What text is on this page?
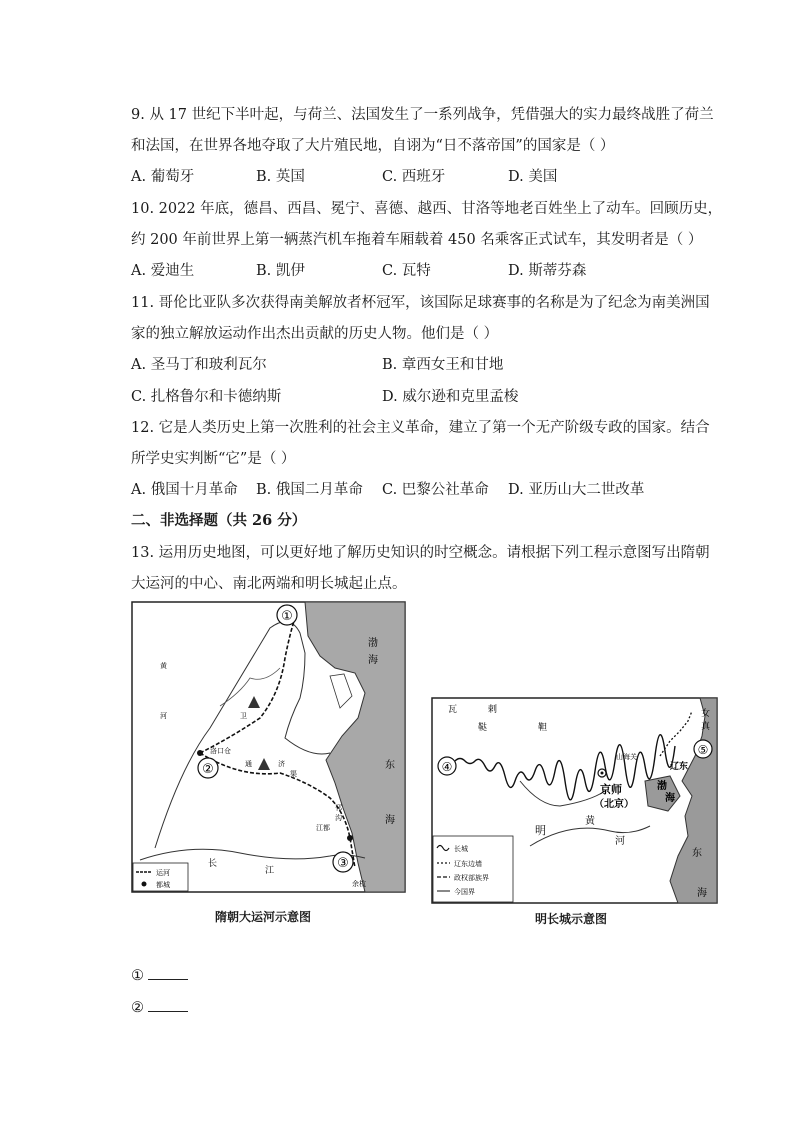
9. 从 17 世纪下半叶起，与荷兰、法国发生了一系列战争，凭借强大的实力最终战胜了荷兰
和法国，在世界各地夺取了大片殖民地，自诩为“日不落帝国”的国家是（ ）
A. 葡萄牙	B. 英国	C. 西班牙	D. 美国
10. 2022 年底，德昌、西昌、冕宁、喜德、越西、甘洛等地老百姓坐上了动车。回顾历史，
约 200 年前世界上第一辆蒸汽机车拖着车厢载着 450 名乘客正式试车，其发明者是（ ）
A. 爱迪生	B. 凯伊	C. 瓦特	D. 斯蒂芬森
11. 哥伦比亚队多次获得南美解放者杯冠军，该国际足球赛事的名称是为了纪念为南美洲国
家的独立解放运动作出杰出贡献的历史人物。他们是（ ）
A. 圣马丁和玻利瓦尔	B. 章西女王和甘地
C. 扎格鲁尔和卡德纳斯	D. 威尔逊和克里孟梭
12. 它是人类历史上第一次胜利的社会主义革命，建立了第一个无产阶级专政的国家。结合
所学史实判断“它”是（ ）
A. 俄国十月革命 B. 俄国二月革命 C. 巴黎公社革命 D. 亚历山大二世改革
二、非选择题（共 26 分）
13. 运用历史地图，可以更好地了解历史知识的时空概念。请根据下列工程示意图写出隋朝
大运河的中心、南北两端和明长城起止点。
①
②
③
渤
海
东
海
洛口仓
江都
长
江
黄
河	卫
通	济
渠
邗
沟
余杭
运河
都城
隋朝大运河示意图
④
⑤
瓦	剌
鞑	靼
女
真
山海关
辽东
京师
（北京）
渤
海
明
黄
河
东
海
长城
辽东边墙
政权部族界
今国界
明长城示意图
①
②
